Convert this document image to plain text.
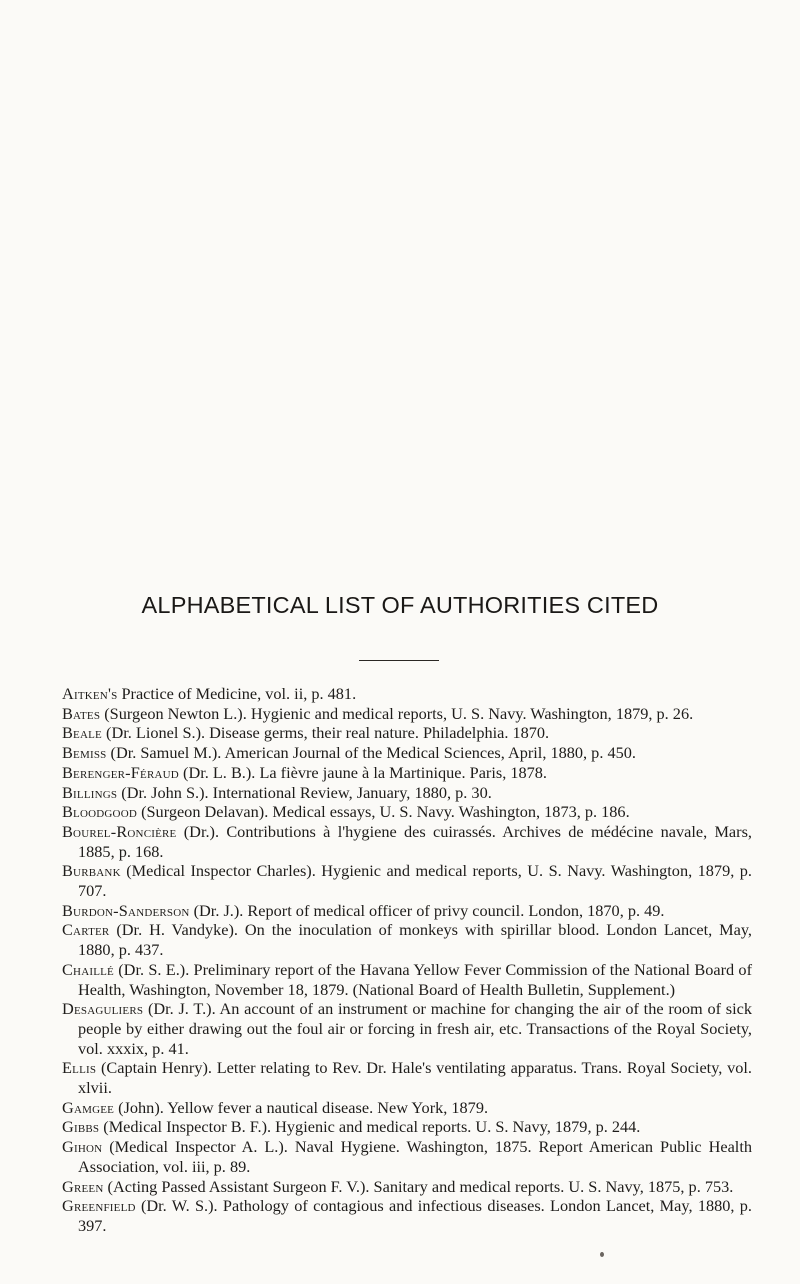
ALPHABETICAL LIST OF AUTHORITIES CITED
Aitken's Practice of Medicine, vol. ii, p. 481.
Bates (Surgeon Newton L.). Hygienic and medical reports, U. S. Navy. Washington, 1879, p. 26.
Beale (Dr. Lionel S.). Disease germs, their real nature. Philadelphia. 1870.
Bemiss (Dr. Samuel M.). American Journal of the Medical Sciences, April, 1880, p. 450.
Berenger-Féraud (Dr. L. B.). La fièvre jaune à la Martinique. Paris, 1878.
Billings (Dr. John S.). International Review, January, 1880, p. 30.
Bloodgood (Surgeon Delavan). Medical essays, U. S. Navy. Washington, 1873, p. 186.
Bourel-Roncière (Dr.). Contributions à l'hygiene des cuirassés. Archives de médécine navale, Mars, 1885, p. 168.
Burbank (Medical Inspector Charles). Hygienic and medical reports, U. S. Navy. Washington, 1879, p. 707.
Burdon-Sanderson (Dr. J.). Report of medical officer of privy council. London, 1870, p. 49.
Carter (Dr. H. Vandyke). On the inoculation of monkeys with spirillar blood. London Lancet, May, 1880, p. 437.
Chaillé (Dr. S. E.). Preliminary report of the Havana Yellow Fever Commission of the National Board of Health, Washington, November 18, 1879. (National Board of Health Bulletin, Supplement.)
Desaguliers (Dr. J. T.). An account of an instrument or machine for changing the air of the room of sick people by either drawing out the foul air or forcing in fresh air, etc. Transactions of the Royal Society, vol. xxxix, p. 41.
Ellis (Captain Henry). Letter relating to Rev. Dr. Hale's ventilating apparatus. Trans. Royal Society, vol. xlvii.
Gamgee (John). Yellow fever a nautical disease. New York, 1879.
Gibbs (Medical Inspector B. F.). Hygienic and medical reports. U. S. Navy, 1879, p. 244.
Gihon (Medical Inspector A. L.). Naval Hygiene. Washington, 1875. Report American Public Health Association, vol. iii, p. 89.
Green (Acting Passed Assistant Surgeon F. V.). Sanitary and medical reports. U. S. Navy, 1875, p. 753.
Greenfield (Dr. W. S.). Pathology of contagious and infectious diseases. London Lancet, May, 1880, p. 397.
